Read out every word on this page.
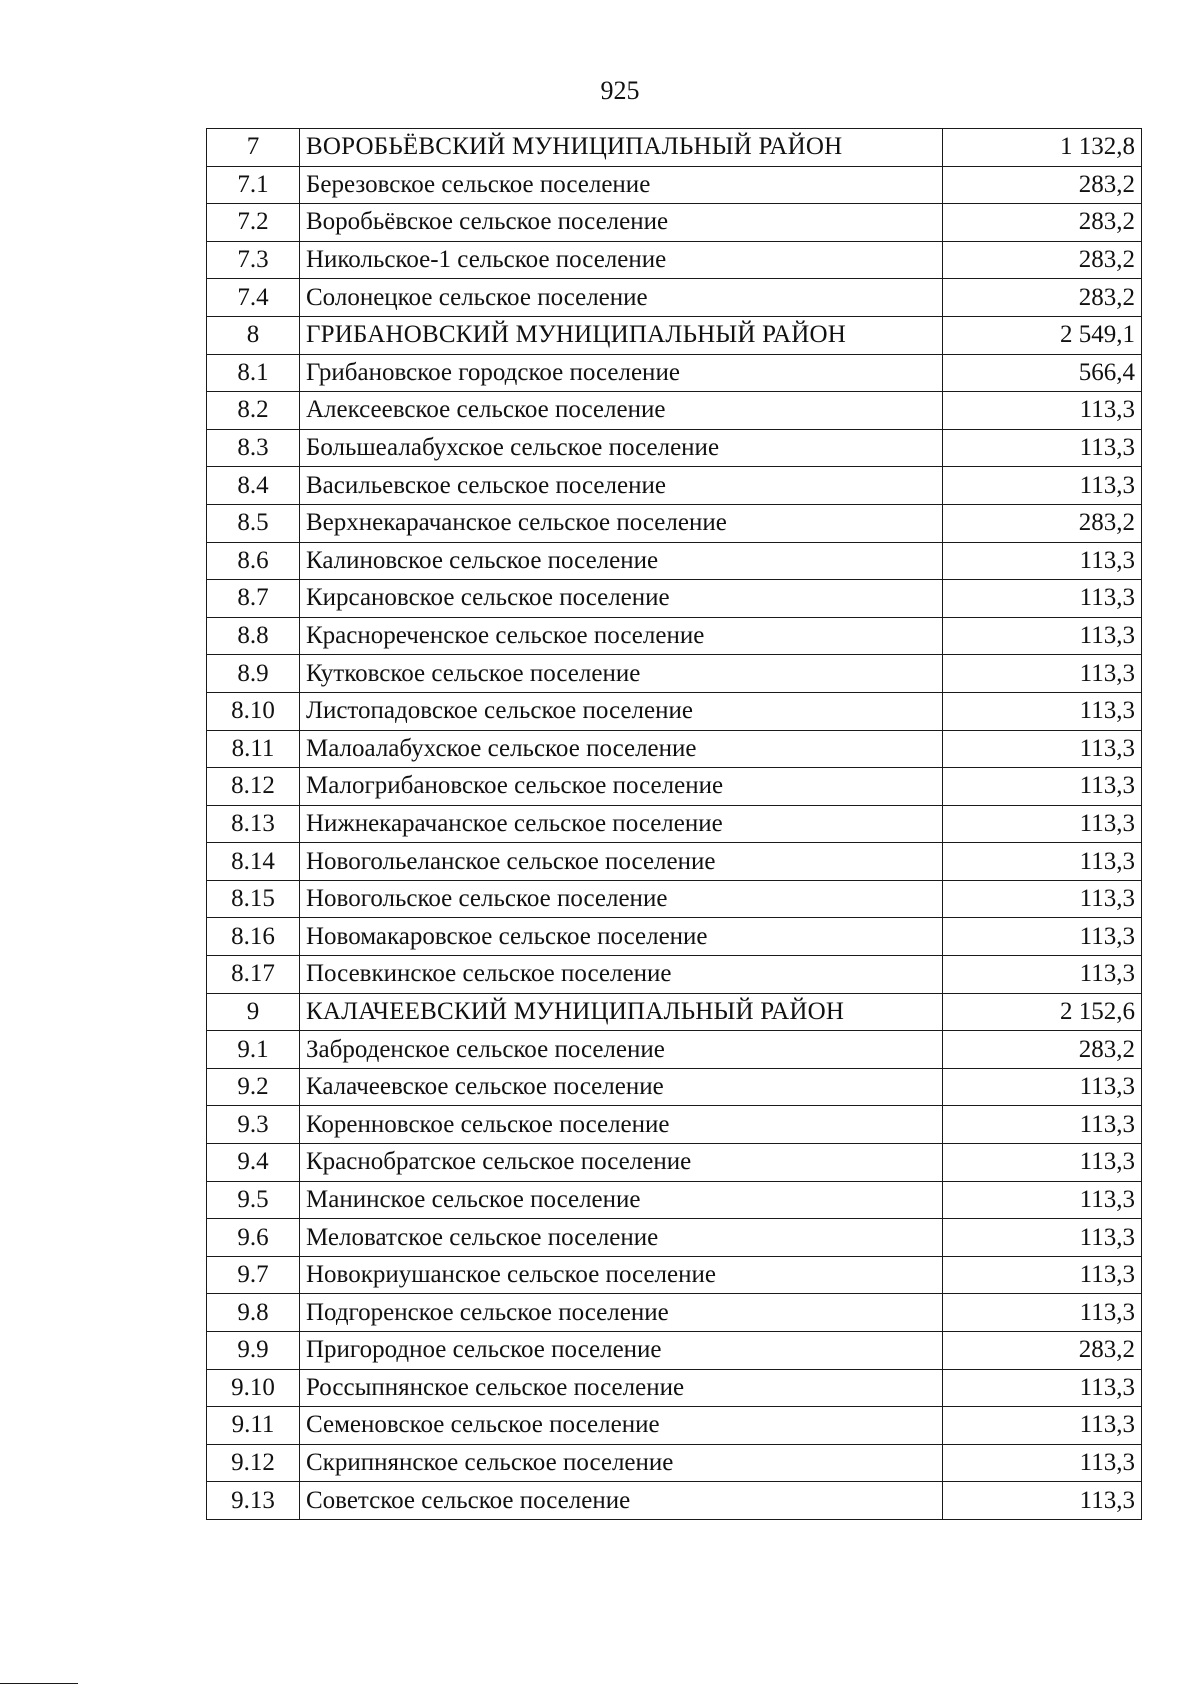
925
7	ВОРОБЬЁВСКИЙ МУНИЦИПАЛЬНЫЙ РАЙОН	1 132,8
7.1	Березовское сельское поселение	283,2
7.2	Воробьёвское сельское поселение	283,2
7.3	Никольское-1 сельское поселение	283,2
7.4	Солонецкое сельское поселение	283,2
8	ГРИБАНОВСКИЙ МУНИЦИПАЛЬНЫЙ РАЙОН	2 549,1
8.1	Грибановское городское поселение	566,4
8.2	Алексеевское сельское поселение	113,3
8.3	Большеалабухское сельское поселение	113,3
8.4	Васильевское сельское поселение	113,3
8.5	Верхнекарачанское сельское поселение	283,2
8.6	Калиновское сельское поселение	113,3
8.7	Кирсановское сельское поселение	113,3
8.8	Краснореченское сельское поселение	113,3
8.9	Кутковское сельское поселение	113,3
8.10	Листопадовское сельское поселение	113,3
8.11	Малоалабухское сельское поселение	113,3
8.12	Малогрибановское сельское поселение	113,3
8.13	Нижнекарачанское сельское поселение	113,3
8.14	Новогольеланское сельское поселение	113,3
8.15	Новогольское сельское поселение	113,3
8.16	Новомакаровское сельское поселение	113,3
8.17	Посевкинское сельское поселение	113,3
9	КАЛАЧЕЕВСКИЙ МУНИЦИПАЛЬНЫЙ РАЙОН	2 152,6
9.1	Заброденское сельское поселение	283,2
9.2	Калачеевское сельское поселение	113,3
9.3	Коренновское сельское поселение	113,3
9.4	Краснобратское сельское поселение	113,3
9.5	Манинское сельское поселение	113,3
9.6	Меловатское сельское поселение	113,3
9.7	Новокриушанское сельское поселение	113,3
9.8	Подгоренское сельское поселение	113,3
9.9	Пригородное сельское поселение	283,2
9.10	Россыпнянское сельское поселение	113,3
9.11	Семеновское сельское поселение	113,3
9.12	Скрипнянское сельское поселение	113,3
9.13	Советское сельское поселение	113,3
